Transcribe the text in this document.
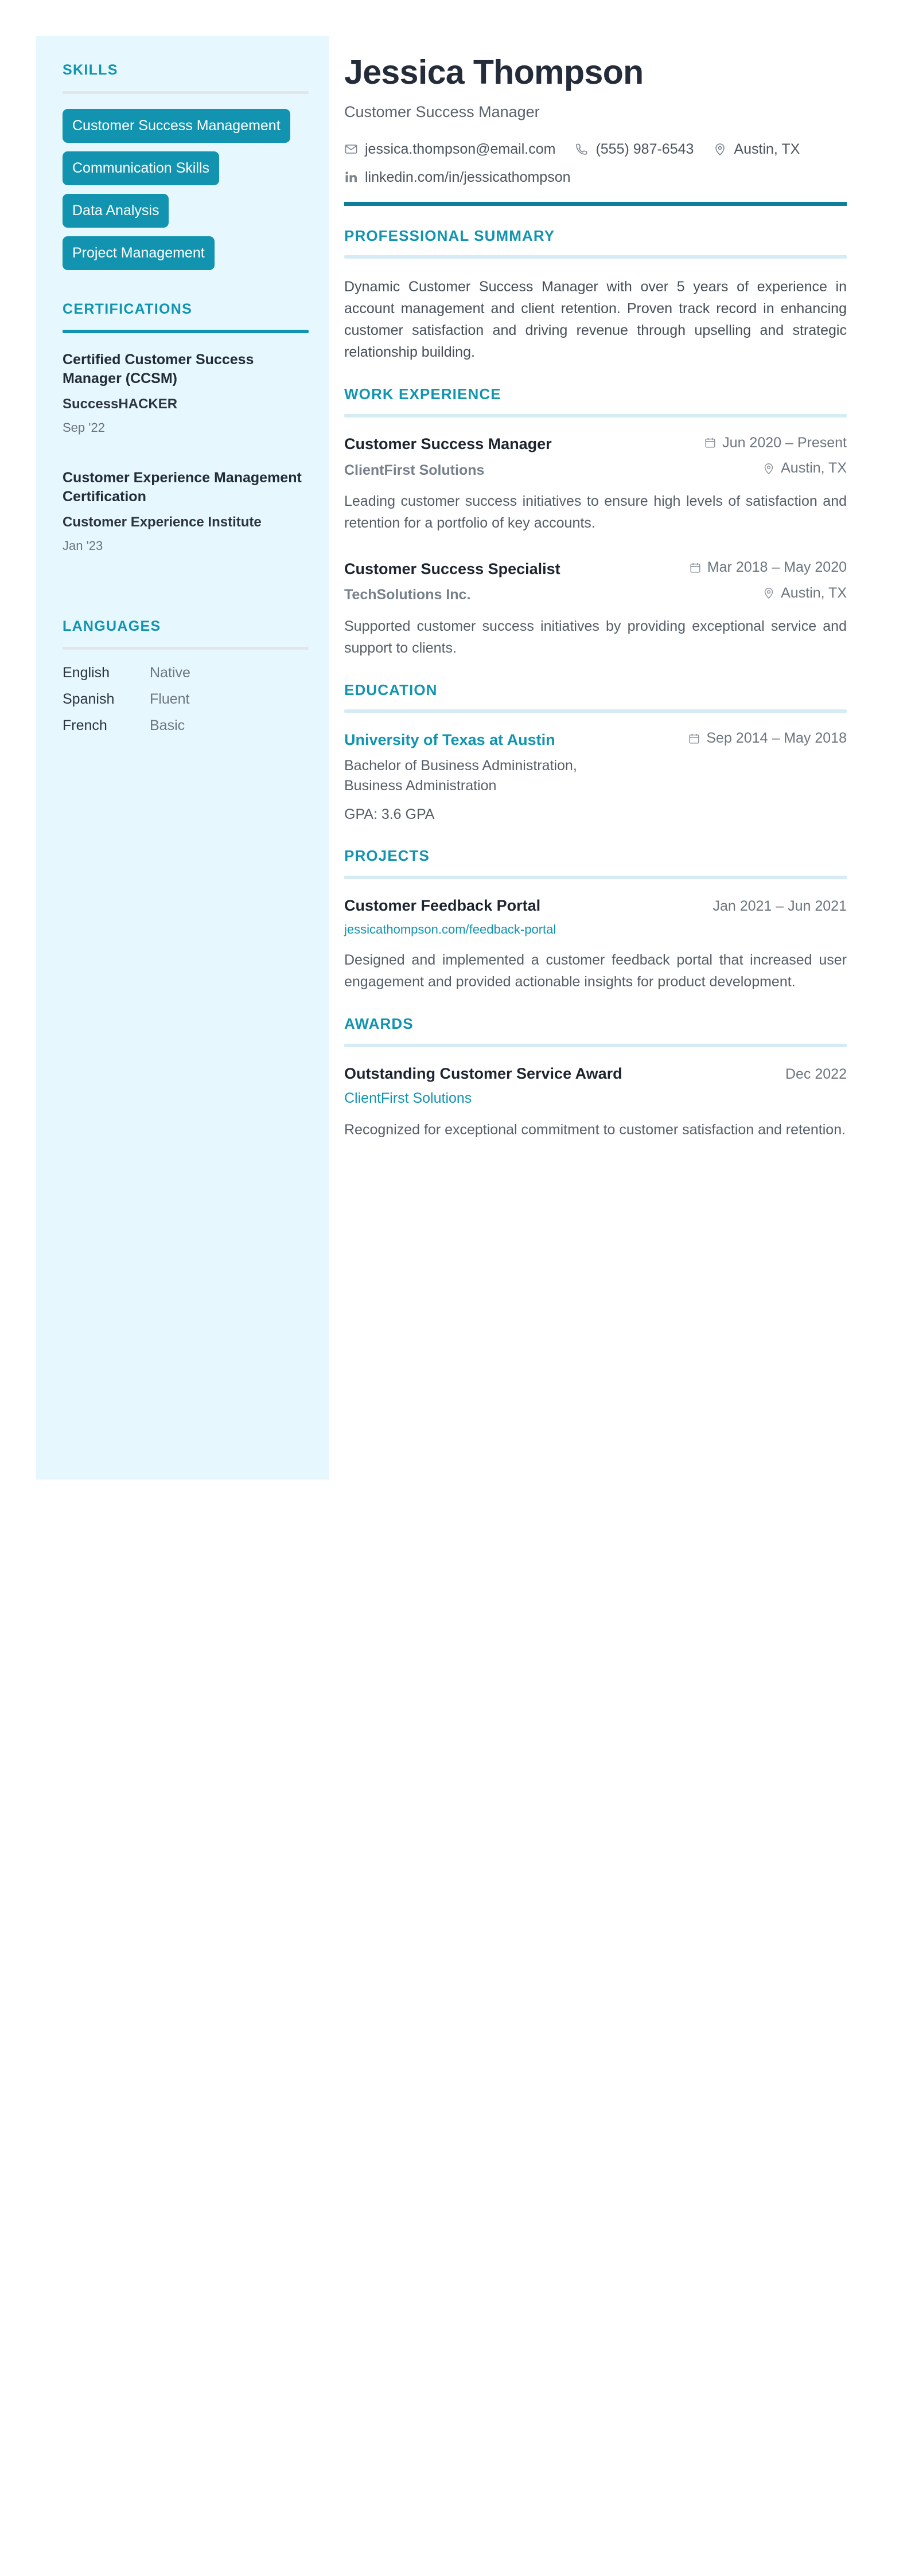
SKILLS
Customer Success Management
Communication Skills
Data Analysis
Project Management
CERTIFICATIONS

Certified Customer Success Manager (CCSM)

SuccessHACKER

Sep '22

Customer Experience Management Certification

Customer Experience Institute

Jan '23

LANGUAGES
English	Native
Spanish	Fluent
French	Basic
Jessica Thompson

Customer Success Manager

jessica.thompson@email.com	(555) 987-6543	Austin, TX
linkedin.com/in/jessicathompson
PROFESSIONAL SUMMARY

Dynamic Customer Success Manager with over 5 years of experience in account management and client retention. Proven track record in enhancing customer satisfaction and driving revenue through upselling and strategic relationship building.

WORK EXPERIENCE
Customer Success Manager	Jun 2020 – Present
ClientFirst Solutions	Austin, TX

Leading customer success initiatives to ensure high levels of satisfaction and retention for a portfolio of key accounts.

Customer Success Specialist	Mar 2018 – May 2020
TechSolutions Inc.	Austin, TX

Supported customer success initiatives by providing exceptional service and support to clients.

EDUCATION
University of Texas at Austin	Sep 2014 – May 2018

Bachelor of Business Administration, Business Administration

GPA: 3.6 GPA

PROJECTS
Customer Feedback Portal	Jan 2021 – Jun 2021

jessicathompson.com/feedback-portal

Designed and implemented a customer feedback portal that increased user engagement and provided actionable insights for product development.

AWARDS
Outstanding Customer Service Award	Dec 2022
ClientFirst Solutions

Recognized for exceptional commitment to customer satisfaction and retention.
